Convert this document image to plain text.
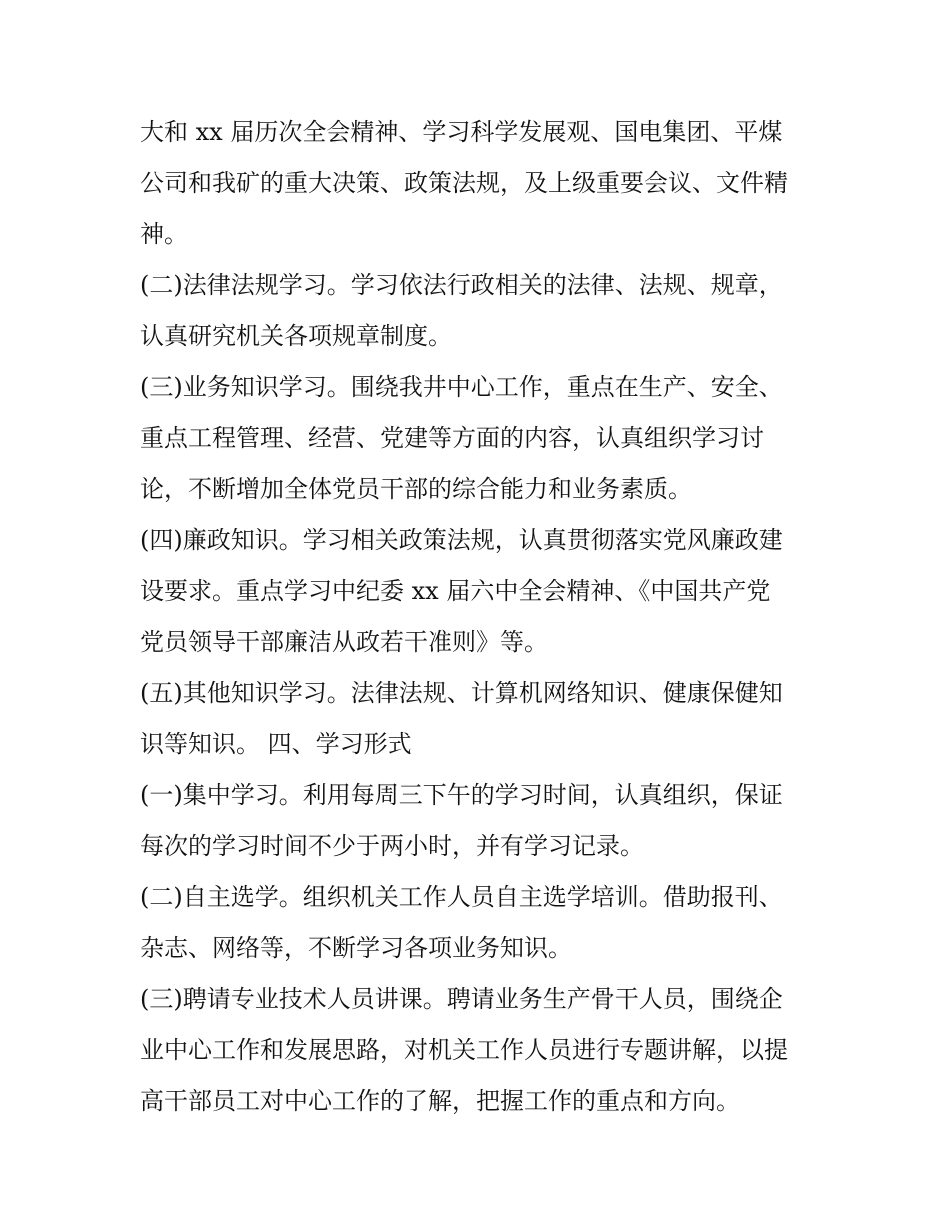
大和 xx 届历次全会精神、学习科学发展观、国电集团、平煤
公司和我矿的重大决策、政策法规，及上级重要会议、文件精
神。
(二)法律法规学习。学习依法行政相关的法律、法规、规章，
认真研究机关各项规章制度。
(三)业务知识学习。围绕我井中心工作，重点在生产、安全、
重点工程管理、经营、党建等方面的内容，认真组织学习讨
论，不断增加全体党员干部的综合能力和业务素质。
(四)廉政知识。学习相关政策法规，认真贯彻落实党风廉政建
设要求。重点学习中纪委 xx 届六中全会精神、《中国共产党
党员领导干部廉洁从政若干准则》等。
(五)其他知识学习。法律法规、计算机网络知识、健康保健知
识等知识。 四、学习形式
(一)集中学习。利用每周三下午的学习时间，认真组织，保证
每次的学习时间不少于两小时，并有学习记录。
(二)自主选学。组织机关工作人员自主选学培训。借助报刊、
杂志、网络等，不断学习各项业务知识。
(三)聘请专业技术人员讲课。聘请业务生产骨干人员，围绕企
业中心工作和发展思路，对机关工作人员进行专题讲解，以提
高干部员工对中心工作的了解，把握工作的重点和方向。
